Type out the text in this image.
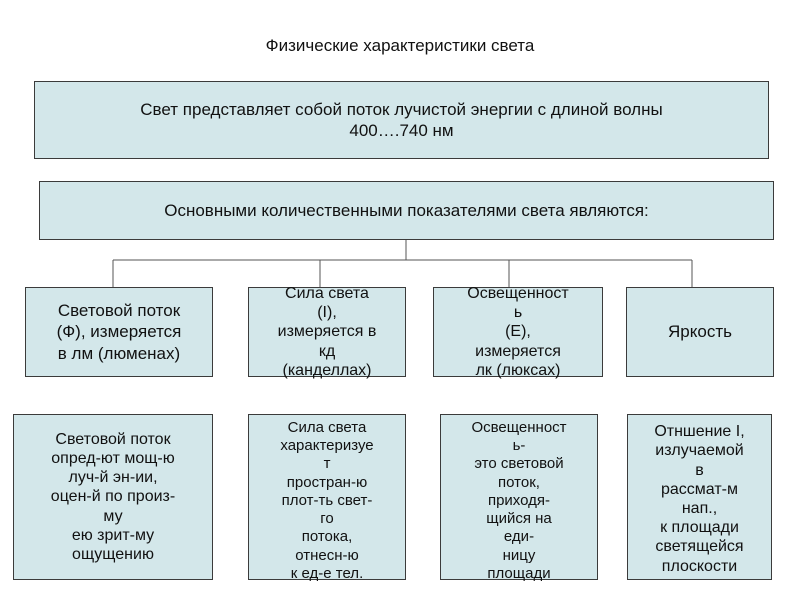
Физические характеристики света
Свет представляет собой поток лучистой энергии с длиной волны
400….740 нм
Основными количественными показателями света являются:
Световой поток
(Ф), измеряется
в лм (люменах)
Сила света
(I),
измеряется в
кд
(канделлах)
Освещенност
ь
(Е),
измеряется
лк (люксах)
Яркость
Световой поток
опред-ют мощ-ю
луч-й эн-ии,
оцен-й по произ-
му
ею зрит-му
ощущению
Сила света
характеризуе
т
простран-ю
плот-ть свет-
го
потока,
отнесн-ю
к ед-е тел.
Освещенност
ь-
это световой
поток,
приходя-
щийся на
еди-
ницу
площади
Отншение I,
излучаемой
в
рассмат-м
нап.,
к площади
светящейся
плоскости
